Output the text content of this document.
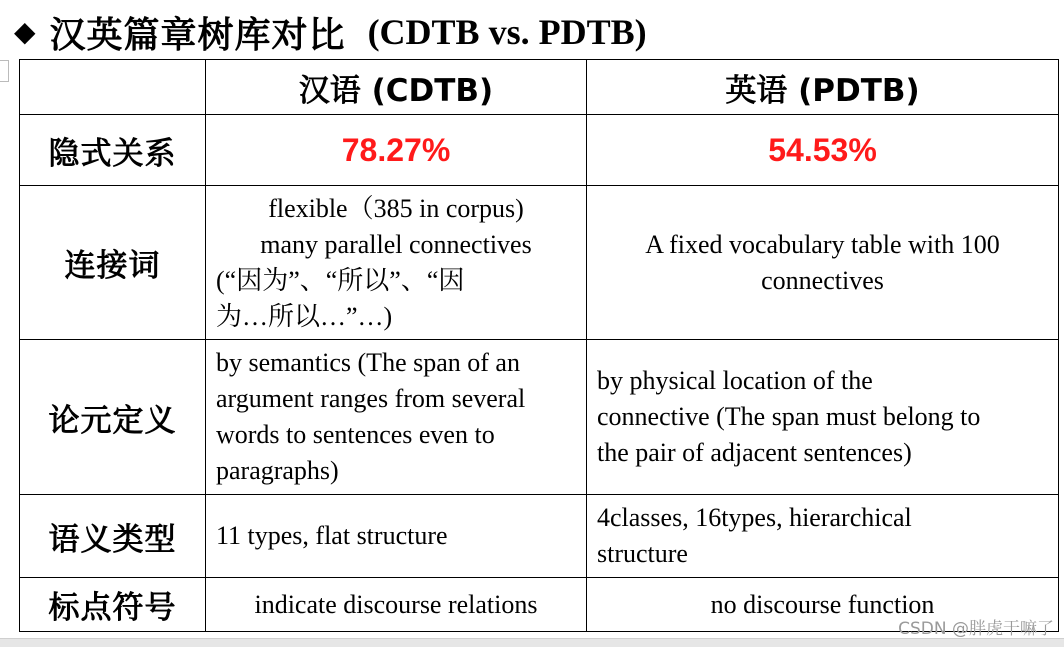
◆ 汉英篇章树库对比 (CDTB vs. PDTB)
	汉语 (CDTB)	英语 (PDTB)
隐式关系	78.27%	54.53%
连接词	flexible（385 in corpus)
many parallel connectives
(“因为”、“所以”、“因
为…所以…”…)	A fixed vocabulary table with 100
connectives

论元定义	by semantics (The span of an
argument ranges from several
words to sentences even to
paragraphs)	by physical location of the
connective (The span must belong to
the pair of adjacent sentences)

语义类型	11 types, flat structure	4classes, 16types, hierarchical
structure

标点符号	indicate discourse relations	no discourse function
CSDN @胖虎干嘛了
